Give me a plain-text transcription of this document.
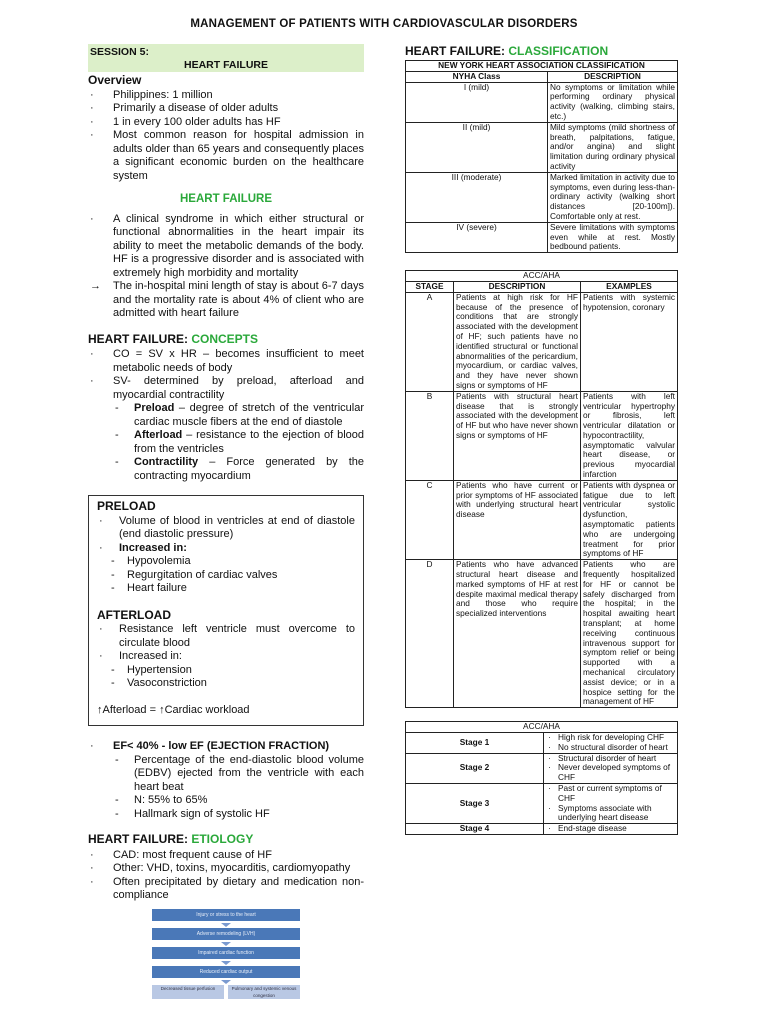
MANAGEMENT OF PATIENTS WITH CARDIOVASCULAR DISORDERS
SESSION 5:
HEART FAILURE
Overview
· Philippines: 1 million
· Primarily a disease of older adults
· 1 in every 100 older adults has HF
· Most common reason for hospital admission in adults older than 65 years and consequently places a significant economic burden on the healthcare system
HEART FAILURE
· A clinical syndrome in which either structural or functional abnormalities in the heart impair its ability to meet the metabolic demands of the body. HF is a progressive disorder and is associated with extremely high morbidity and mortality
→ The in-hospital mini length of stay is about 6-7 days and the mortality rate is about 4% of client who are admitted with heart failure
HEART FAILURE: CONCEPTS
· CO = SV x HR – becomes insufficient to meet metabolic needs of body
· SV- determined by preload, afterload and myocardial contractility
- Preload – degree of stretch of the ventricular cardiac muscle fibers at the end of diastole
- Afterload – resistance to the ejection of blood from the ventricles
- Contractility – Force generated by the contracting myocardium
PRELOAD
· Volume of blood in ventricles at end of diastole (end diastolic pressure)
· Increased in:
- Hypovolemia
- Regurgitation of cardiac valves
- Heart failure
AFTERLOAD
· Resistance left ventricle must overcome to circulate blood
· Increased in:
- Hypertension
- Vasoconstriction
↑Afterload = ↑Cardiac workload
· EF< 40% - low EF (EJECTION FRACTION)
- Percentage of the end-diastolic blood volume (EDBV) ejected from the ventricle with each heart beat
- N: 55% to 65%
- Hallmark sign of systolic HF
HEART FAILURE: ETIOLOGY
· CAD: most frequent cause of HF
· Other: VHD, toxins, myocarditis, cardiomyopathy
· Often precipitated by dietary and medication non-compliance
Injury or stress to the heart
Adverse remodeling (LVH)
Impaired cardiac function
Reduced cardiac output
Decreased tissue perfusion	Pulmonary and systemic venous congestion
HEART FAILURE: CLASSIFICATION
NEW YORK HEART ASSOCIATION CLASSIFICATION	
NYHA Class	DESCRIPTION
I (mild)	No symptoms or limitation while performing ordinary physical activity (walking, climbing stairs, etc.)
II (mild)	Mild symptoms (mild shortness of breath, palpitations, fatigue, and/or angina) and slight limitation during ordinary physical activity
III (moderate)	Marked limitation in activity due to symptoms, even during less-than-ordinary activity (walking short distances [20-100m]). Comfortable only at rest.
IV (severe)	Severe limitations with symptoms even while at rest. Mostly bedbound patients.
ACC/AHA		
STAGE	DESCRIPTION	EXAMPLES
A	Patients at high risk for HF because of the presence of conditions that are strongly associated with the development of HF; such patients have no identified structural or functional abnormalities of the pericardium, myocardium, or cardiac valves, and they have never shown signs or symptoms of HF	Patients with systemic hypotension, coronary
B	Patients with structural heart disease that is strongly associated with the development of HF but who have never shown signs or symptoms of HF	Patients with left ventricular hypertrophy or fibrosis, left ventricular dilatation or hypocontractility, asymptomatic valvular heart disease, or previous myocardial infarction
C	Patients who have current or prior symptoms of HF associated with underlying structural heart disease	Patients with dyspnea or fatigue due to left ventricular systolic dysfunction, asymptomatic patients who are undergoing treatment for prior symptoms of HF
D	Patients who have advanced structural heart disease and marked symptoms of HF at rest despite maximal medical therapy and those who require specialized interventions	Patients who are frequently hospitalized for HF or cannot be safely discharged from the hospital; in the hospital awaiting heart transplant; at home receiving continuous intravenous support for symptom relief or being supported with a mechanical circulatory assist device; or in a hospice setting for the management of HF
ACC/AHA	
Stage 1	· High risk for developing CHF
· No structural disorder of heart

Stage 2	· Structural disorder of heart
· Never developed symptoms of CHF

Stage 3	· Past or current symptoms of CHF
· Symptoms associate with underlying heart disease

Stage 4	· End-stage disease
